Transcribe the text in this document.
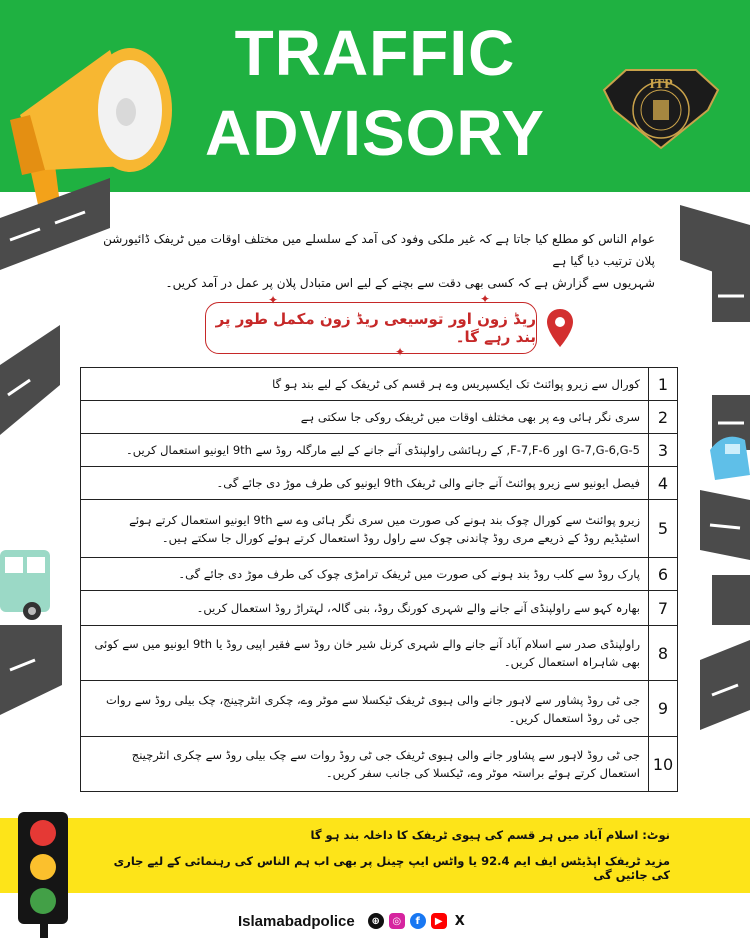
TRAFFIC
ADVISORY
ITP
عوام الناس کو مطلع کیا جاتا ہے کہ غیر ملکی وفود کی آمد کے سلسلے میں مختلف اوقات میں ٹریفک ڈائیورشن پلان ترتیب دیا گیا ہے
شہریوں سے گزارش ہے کہ کسی بھی دقت سے بچنے کے لیے اس متبادل پلان پر عمل در آمد کریں۔
ریڈ زون اور توسیعی ریڈ زون مکمل طور پر بند رہے گا۔
✦
✦
✦
کورال سے زیرو پوائنٹ تک ایکسپریس وے ہر قسم کی ٹریفک کے لیے بند ہو گا	1
سری نگر ہائی وے پر بھی مختلف اوقات میں ٹریفک روکی جا سکتی ہے	2
G-7,G-6,G-5 اور F-7,F-6, کے رہائشی راولپنڈی آنے جانے کے لیے مارگلہ روڈ سے 9th ایونیو استعمال کریں۔	3
فیصل ایونیو سے زیرو پوائنٹ آنے جانے والی ٹریفک 9th ایونیو کی طرف موڑ دی جائے گی۔	4
زیرو پوائنٹ سے کورال چوک بند ہونے کی صورت میں سری نگر ہائی وے سے 9th ایونیو استعمال کرتے ہوئے اسٹیڈیم روڈ کے ذریعے مری روڈ چاندنی چوک سے راول روڈ استعمال کرتے ہوئے کورال جا سکتے ہیں۔	5
پارک روڈ سے کلب روڈ بند ہونے کی صورت میں ٹریفک ترامڑی چوک کی طرف موڑ دی جائے گی۔	6
بھارہ کہو سے راولپنڈی آنے جانے والے شہری کورنگ روڈ، بنی گالہ، لہتراڑ روڈ استعمال کریں۔	7
راولپنڈی صدر سے اسلام آباد آنے جانے والے شہری کرنل شیر خان روڈ سے فقیر اپیی روڈ یا 9th ایونیو میں سے کوئی بھی شاہراہ استعمال کریں۔	8
جی ٹی روڈ پشاور سے لاہور جانے والی ہیوی ٹریفک ٹیکسلا سے موٹر وے، چکری انٹرچینج، چک بیلی روڈ سے روات جی ٹی روڈ استعمال کریں۔	9
جی ٹی روڈ لاہور سے پشاور جانے والی ہیوی ٹریفک جی ٹی روڈ روات سے چک بیلی روڈ سے چکری انٹرچینج استعمال کرتے ہوئے براستہ موٹر وے، ٹیکسلا کی جانب سفر کریں۔	10
نوٹ: اسلام آباد میں ہر قسم کی ہیوی ٹریفک کا داخلہ بند ہو گا
مزید ٹریفک اپڈیٹس ایف ایم 92.4 یا واٹس ایپ چینل پر بھی اب ہم الناس کی رہنمائی کے لیے جاری کی جائیں گی
Islamabadpolice	⊕	◎	f	▶ X
